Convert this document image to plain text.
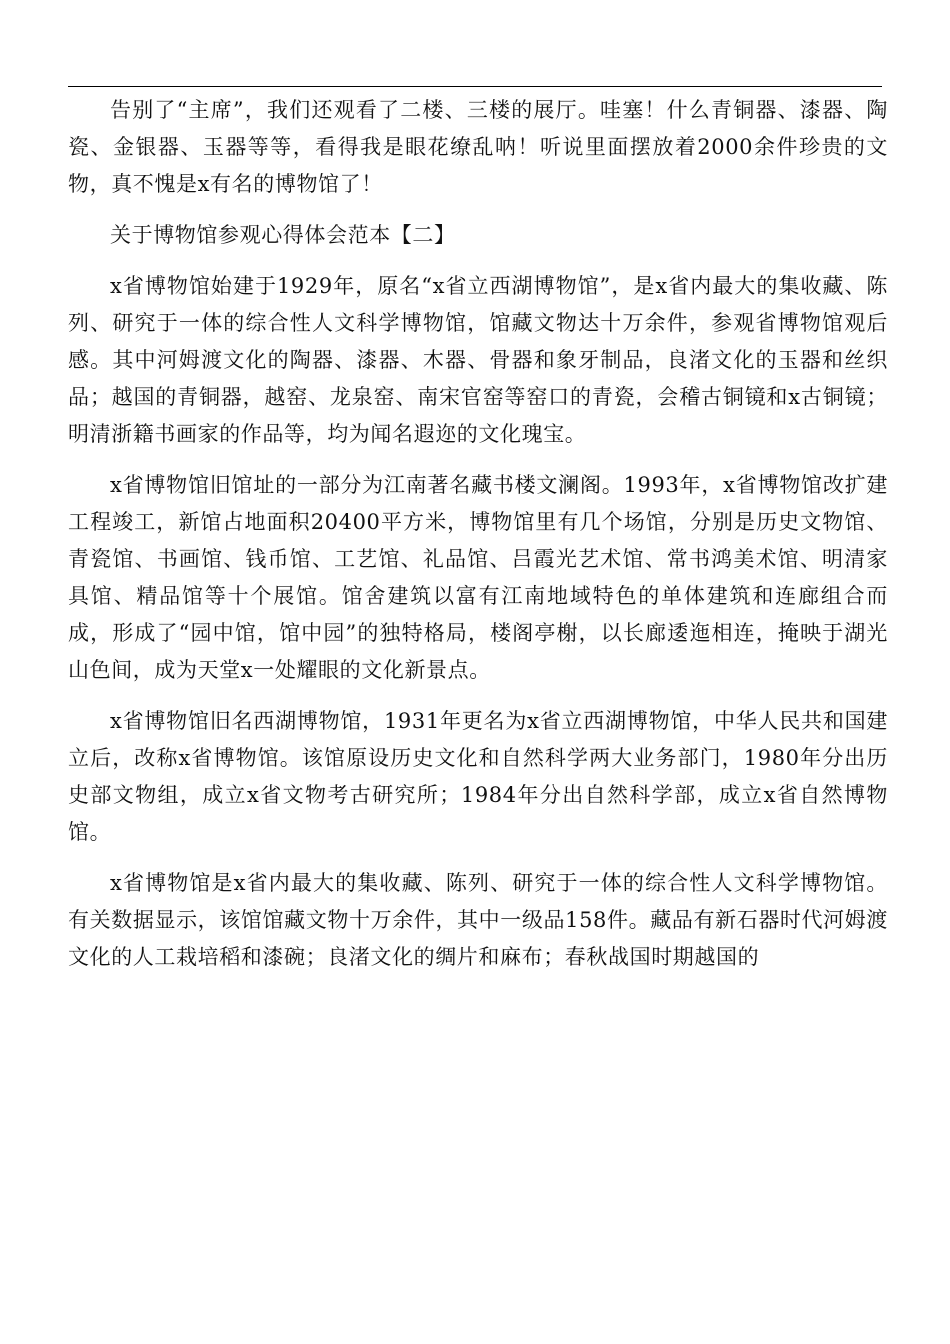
告别了“主席”，我们还观看了二楼、三楼的展厅。哇塞！什么青铜器、漆器、陶瓷、金银器、玉器等等，看得我是眼花缭乱呐！听说里面摆放着2000余件珍贵的文物，真不愧是x有名的博物馆了！

关于博物馆参观心得体会范本【二】

x省博物馆始建于1929年，原名“x省立西湖博物馆”，是x省内最大的集收藏、陈列、研究于一体的综合性人文科学博物馆，馆藏文物达十万余件，参观省博物馆观后感。其中河姆渡文化的陶器、漆器、木器、骨器和象牙制品，良渚文化的玉器和丝织品；越国的青铜器，越窑、龙泉窑、南宋官窑等窑口的青瓷，会稽古铜镜和x古铜镜；明清浙籍书画家的作品等，均为闻名遐迩的文化瑰宝。

x省博物馆旧馆址的一部分为江南著名藏书楼文澜阁。1993年，x省博物馆改扩建工程竣工，新馆占地面积20400平方米，博物馆里有几个场馆，分别是历史文物馆、青瓷馆、书画馆、钱币馆、工艺馆、礼品馆、吕霞光艺术馆、常书鸿美术馆、明清家具馆、精品馆等十个展馆。馆舍建筑以富有江南地域特色的单体建筑和连廊组合而成，形成了“园中馆，馆中园”的独特格局，楼阁亭榭，以长廊逶迤相连，掩映于湖光山色间，成为天堂x一处耀眼的文化新景点。

x省博物馆旧名西湖博物馆，1931年更名为x省立西湖博物馆，中华人民共和国建立后，改称x省博物馆。该馆原设历史文化和自然科学两大业务部门，1980年分出历史部文物组，成立x省文物考古研究所；1984年分出自然科学部，成立x省自然博物馆。

x省博物馆是x省内最大的集收藏、陈列、研究于一体的综合性人文科学博物馆。有关数据显示，该馆馆藏文物十万余件，其中一级品158件。藏品有新石器时代河姆渡文化的人工栽培稻和漆碗；良渚文化的绸片和麻布；春秋战国时期越国的
